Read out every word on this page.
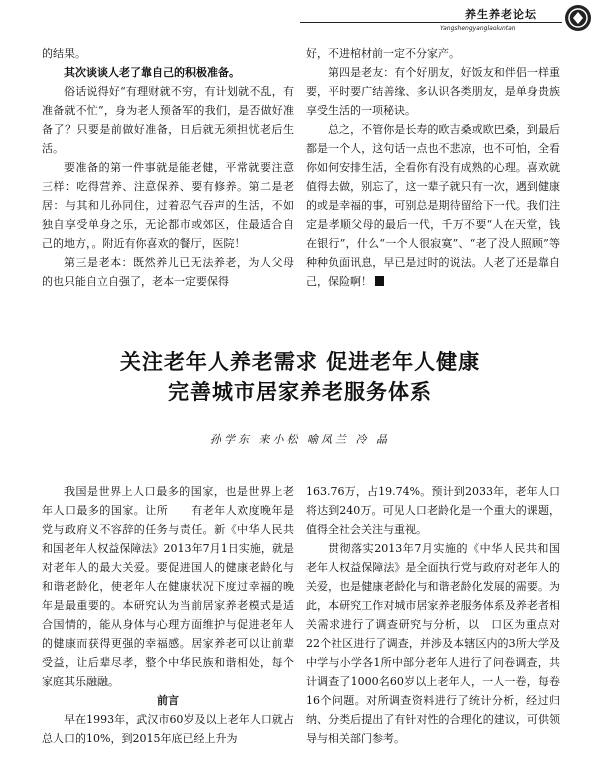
养生养老论坛
Yangshengyanglaoluntan

的结果。

其次谈谈人老了靠自己的积极准备。

俗话说得好“有理财就不穷，有计划就不乱，有准备就不忙”，身为老人预备军的我们，是否做好准备了？只要是前做好准备，日后就无须担忧老后生活。

要准备的第一件事就是能老健，平常就要注意三样：吃得营养、注意保养、要有修养。第二是老居：与其和儿孙同住，过着忍气吞声的生活，不如独自享受单身之乐，无论都市或郊区，住最适合自己的地方，。附近有你喜欢的餐厅，医院！

第三是老本：既然养儿已无法养老，为人父母的也只能自立自强了，老本一定要保得

好，不进棺材前一定不分家产。

第四是老友：有个好朋友，好饭友和伴侣一样重要，平时要广结善缘、多认识各类朋友，是单身贵族享受生活的一项秘诀。

总之，不管你是长寿的欧吉桑或欧巴桑，到最后都是一个人，这句话一点也不悲凉，也不可怕，全看你如何安排生活，全看你有没有成熟的心理。喜欢就值得去做，别忘了，这一辈子就只有一次，遇到健康的或是幸福的事，可别总是期待留给下一代。我们注定是孝顺父母的最后一代，千万不要“人在天堂，钱在银行”，什么“一个人很寂寞”、“老了没人照顾”等种种负面讯息，早已是过时的说法。人老了还是靠自己，保险啊！

关注老年人养老需求 促进老年人健康
完善城市居家养老服务体系
孙学东 来小松 喻凤兰 冷 晶

我国是世界上人口最多的国家，也是世界上老年人口最多的国家。让所　　有老年人欢度晚年是党与政府义不容辞的任务与责任。新《中华人民共和国老年人权益保障法》2013年7月1日实施，就是对老年人的最大关爱。要促进国人的健康老龄化与和谐老龄化，使老年人在健康状况下度过幸福的晚年是最重要的。本研究认为当前居家养老模式是适合国情的，能从身体与心理方面维护与促进老年人的健康而获得更强的幸福感。居家养老可以让前辈受益，让后辈尽孝，整个中华民族和谐相处，每个家庭其乐融融。

前言

早在1993年，武汉市60岁及以上老年人口就占总人口的10%，到2015年底已经上升为

163.76万，占19.74%。预计到2033年，老年人口将达到240万。可见人口老龄化是一个重大的课题，值得全社会关注与重视。

贯彻落实2013年7月实施的《中华人民共和国老年人权益保障法》是全面执行党与政府对老年人的关爱，也是健康老龄化与和谐老龄化发展的需要。为此，本研究工作对城市居家养老服务体系及养老者相关需求进行了调查研究与分析，以　口区为重点对22个社区进行了调查，并涉及本辖区内的3所大学及中学与小学各1所中部分老年人进行了问卷调查，共计调查了1000名60岁以上老年人，一人一卷，每卷16个问题。对所调查资料进行了统计分析，经过归纳、分类后提出了有针对性的合理化的建议，可供领导与相关部门参考。
